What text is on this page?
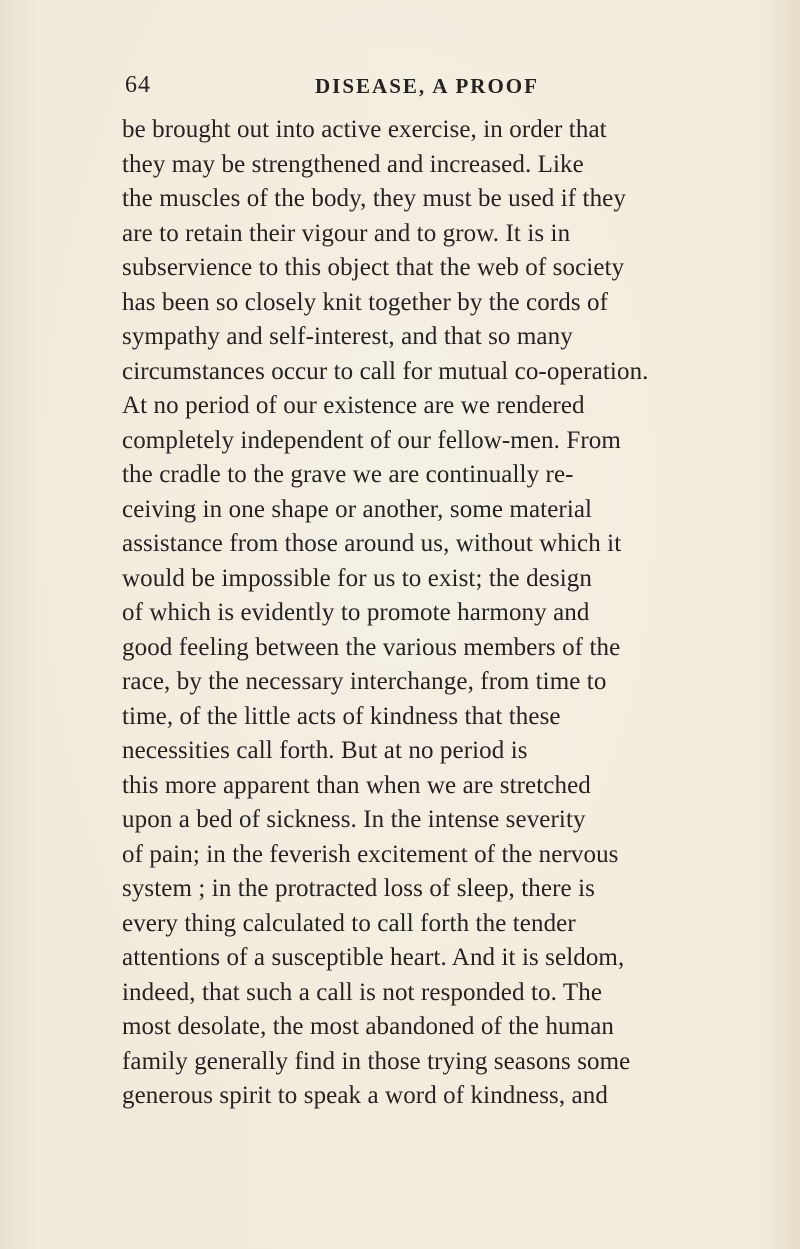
64	DISEASE, A PROOF
be brought out into active exercise, in order that
they may be strengthened and increased. Like
the muscles of the body, they must be used if they
are to retain their vigour and to grow. It is in
subservience to this object that the web of society
has been so closely knit together by the cords of
sympathy and self-interest, and that so many
circumstances occur to call for mutual co-operation.
At no period of our existence are we rendered
completely independent of our fellow-men. From
the cradle to the grave we are continually re-
ceiving in one shape or another, some material
assistance from those around us, without which it
would be impossible for us to exist; the design
of which is evidently to promote harmony and
good feeling between the various members of the
race, by the necessary interchange, from time to
time, of the little acts of kindness that these
necessities call forth. But at no period is
this more apparent than when we are stretched
upon a bed of sickness. In the intense severity
of pain; in the feverish excitement of the nervous
system ; in the protracted loss of sleep, there is
every thing calculated to call forth the tender
attentions of a susceptible heart. And it is seldom,
indeed, that such a call is not responded to. The
most desolate, the most abandoned of the human
family generally find in those trying seasons some
generous spirit to speak a word of kindness, and
